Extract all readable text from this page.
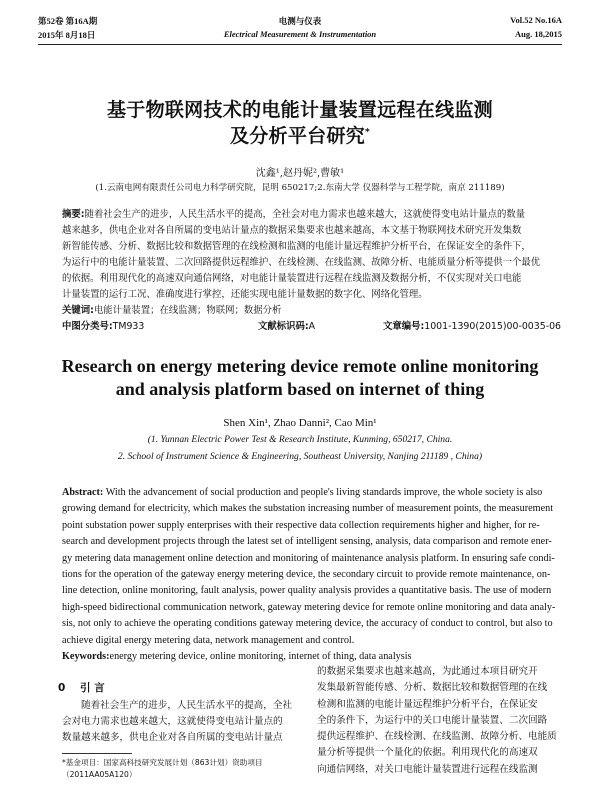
第52卷 第16A期
2015年 8月18日
电测与仪表
Electrical Measurement & Instrumentation
Vol.52 No.16A
Aug. 18,2015
基于物联网技术的电能计量装置远程在线监测
及分析平台研究*
沈鑫¹,赵丹妮²,曹敏¹
(1.云南电网有限责任公司电力科学研究院，昆明 650217;2.东南大学 仪器科学与工程学院，南京 211189)
摘要:随着社会生产的进步，人民生活水平的提高，全社会对电力需求也越来越大，这就使得变电站计量点的数量
越来越多，供电企业对各自所属的变电站计量点的数据采集要求也越来越高，本文基于物联网技术研究开发集数
新智能传感、分析、数据比较和数据管理的在线检测和监测的电能计量远程维护分析平台，在保证安全的条件下，
为运行中的电能计量装置、二次回路提供远程维护、在线检测、在线监测、故障分析、电能质量分析等提供一个最优
的依据。利用现代化的高速双向通信网络，对电能计量装置进行远程在线监测及数据分析，不仅实现对关口电能
计量装置的运行工况、准确度进行掌控，还能实现电能计量数据的数字化、网络化管理。
关键词:电能计量装置；在线监测；物联网；数据分析
中图分类号:TM933	文献标识码:A	文章编号:1001-1390(2015)00-0035-06
Research on energy metering device remote online monitoring
and analysis platform based on internet of thing
Shen Xin¹, Zhao Danni², Cao Min¹
(1. Yunnan Electric Power Test & Research Institute, Kunming, 650217, China.
2. School of Instrument Science & Engineering, Southeast University, Nanjing 211189 , China)
Abstract: With the advancement of social production and people's living standards improve, the whole society is also
growing demand for electricity, which makes the substation increasing number of measurement points, the measurement
point substation power supply enterprises with their respective data collection requirements higher and higher, for re-
search and development projects through the latest set of intelligent sensing, analysis, data comparison and remote ener-
gy metering data management online detection and monitoring of maintenance analysis platform. In ensuring safe condi-
tions for the operation of the gateway energy metering device, the secondary circuit to provide remote maintenance, on-
line detection, online monitoring, fault analysis, power quality analysis provides a quantitative basis. The use of modern
high-speed bidirectional communication network, gateway metering device for remote online monitoring and data analy-
sis, not only to achieve the operating conditions gateway metering device, the accuracy of conduct to control, but also to
achieve digital energy metering data, network management and control.
Keywords:energy metering device, online monitoring, internet of thing, data analysis
0 引 言
随着社会生产的进步，人民生活水平的提高，全社
会对电力需求也越来越大，这就使得变电站计量点的
数量越来越多，供电企业对各自所属的变电站计量点
*基金项目：国家高科技研究发展计划（863计划）资助项目
（2011AA05A120）
的数据采集要求也越来越高，为此通过本项目研究开
发集最新智能传感、分析、数据比较和数据管理的在线
检测和监测的电能计量远程维护分析平台，在保证安
全的条件下，为运行中的关口电能计量装置、二次回路
提供远程维护、在线检测、在线监测、故障分析、电能质
量分析等提供一个量化的依据。利用现代化的高速双
向通信网络，对关口电能计量装置进行远程在线监测
